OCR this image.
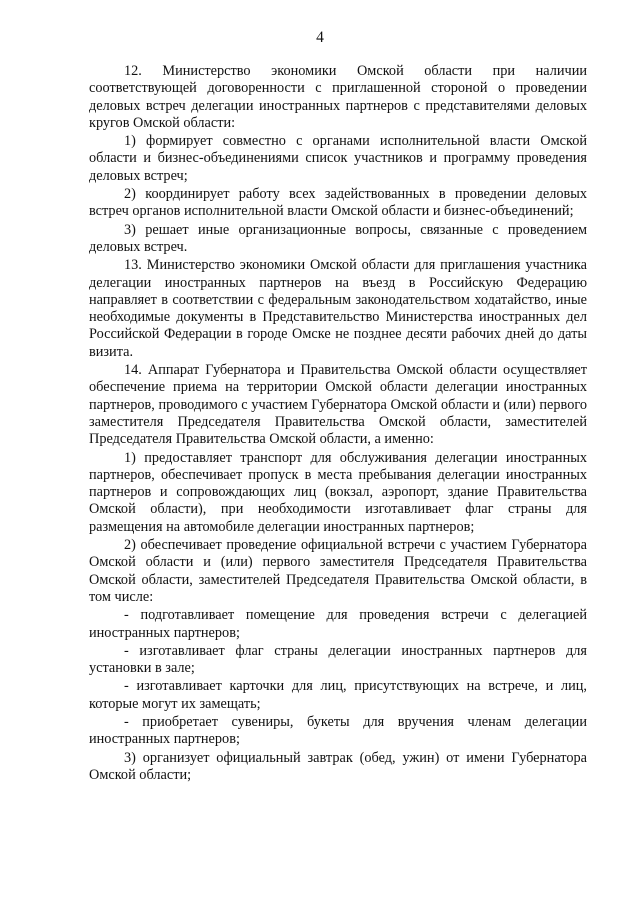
4

12. Министерство экономики Омской области при наличии соответствующей договоренности с приглашенной стороной о проведении деловых встреч делегации иностранных партнеров с представителями деловых кругов Омской области:

1) формирует совместно с органами исполнительной власти Омской области и бизнес-объединениями список участников и программу проведения деловых встреч;

2) координирует работу всех задействованных в проведении деловых встреч органов исполнительной власти Омской области и бизнес-объединений;

3) решает иные организационные вопросы, связанные с проведением деловых встреч.

13. Министерство экономики Омской области для приглашения участника делегации иностранных партнеров на въезд в Российскую Федерацию направляет в соответствии с федеральным законодательством ходатайство, иные необходимые документы в Представительство Министерства иностранных дел Российской Федерации в городе Омске не позднее десяти рабочих дней до даты визита.

14. Аппарат Губернатора и Правительства Омской области осуществляет обеспечение приема на территории Омской области делегации иностранных партнеров, проводимого с участием Губернатора Омской области и (или) первого заместителя Председателя Правительства Омской области, заместителей Председателя Правительства Омской области, а именно:

1) предоставляет транспорт для обслуживания делегации иностранных партнеров, обеспечивает пропуск в места пребывания делегации иностранных партнеров и сопровождающих лиц (вокзал, аэропорт, здание Правительства Омской области), при необходимости изготавливает флаг страны для размещения на автомобиле делегации иностранных партнеров;

2) обеспечивает проведение официальной встречи с участием Губернатора Омской области и (или) первого заместителя Председателя Правительства Омской области, заместителей Председателя Правительства Омской области, в том числе:

- подготавливает помещение для проведения встречи с делегацией иностранных партнеров;

- изготавливает флаг страны делегации иностранных партнеров для установки в зале;

- изготавливает карточки для лиц, присутствующих на встрече, и лиц, которые могут их замещать;

- приобретает сувениры, букеты для вручения членам делегации иностранных партнеров;

3) организует официальный завтрак (обед, ужин) от имени Губернатора Омской области;
